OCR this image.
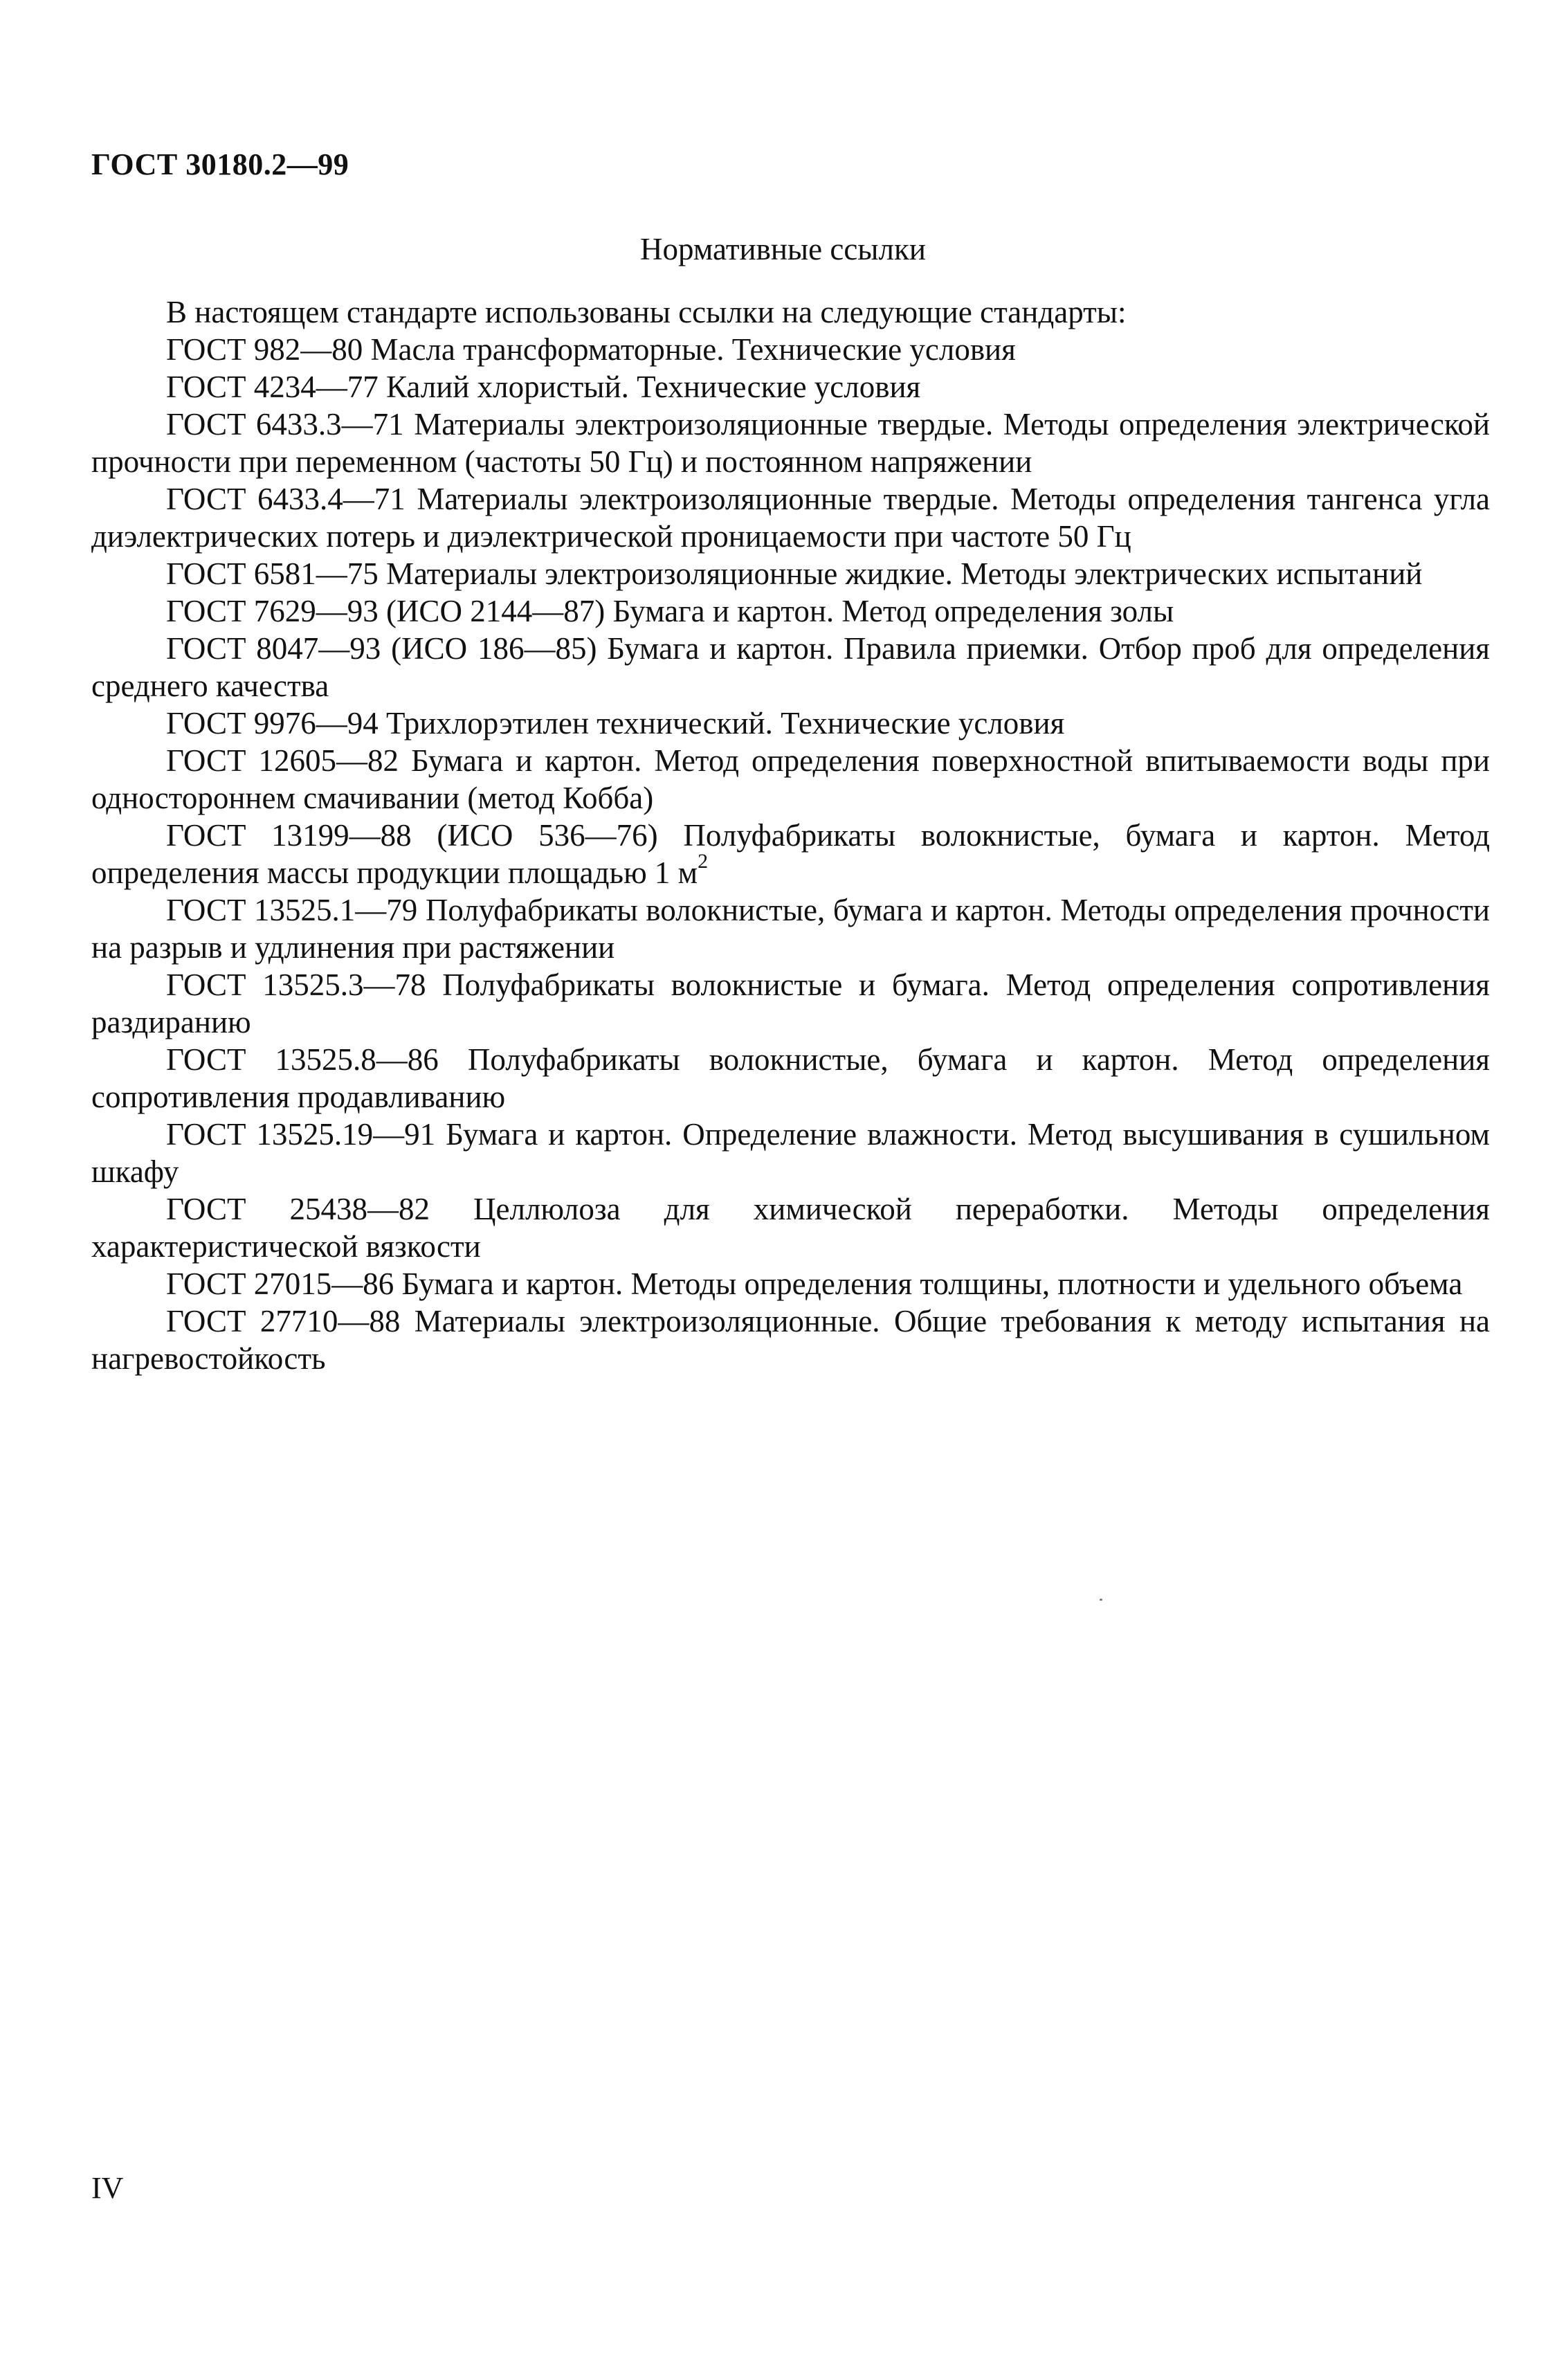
ГОСТ 30180.2—99
Нормативные ссылки

В настоящем стандарте использованы ссылки на следующие стандарты:

ГОСТ 982—80 Масла трансформаторные. Технические условия

ГОСТ 4234—77 Калий хлористый. Технические условия

ГОСТ 6433.3—71 Материалы электроизоляционные твердые. Методы определения электрической прочности при переменном (частоты 50 Гц) и постоянном напряжении

ГОСТ 6433.4—71 Материалы электроизоляционные твердые. Методы определения тангенса угла диэлектрических потерь и диэлектрической проницаемости при частоте 50 Гц

ГОСТ 6581—75 Материалы электроизоляционные жидкие. Методы электрических испытаний

ГОСТ 7629—93 (ИСО 2144—87) Бумага и картон. Метод определения золы

ГОСТ 8047—93 (ИСО 186—85) Бумага и картон. Правила приемки. Отбор проб для определения среднего качества

ГОСТ 9976—94 Трихлорэтилен технический. Технические условия

ГОСТ 12605—82 Бумага и картон. Метод определения поверхностной впитываемости воды при одностороннем смачивании (метод Кобба)

ГОСТ 13199—88 (ИСО 536—76) Полуфабрикаты волокнистые, бумага и картон. Метод определения массы продукции площадью 1 $м^2$

ГОСТ 13525.1—79 Полуфабрикаты волокнистые, бумага и картон. Методы определения прочности на разрыв и удлинения при растяжении

ГОСТ 13525.3—78 Полуфабрикаты волокнистые и бумага. Метод определения сопротивления раздиранию

ГОСТ 13525.8—86 Полуфабрикаты волокнистые, бумага и картон. Метод определения сопротивления продавливанию

ГОСТ 13525.19—91 Бумага и картон. Определение влажности. Метод высушивания в сушильном шкафу

ГОСТ 25438—82 Целлюлоза для химической переработки. Методы определения характеристической вязкости

ГОСТ 27015—86 Бумага и картон. Методы определения толщины, плотности и удельного объема

ГОСТ 27710—88 Материалы электроизоляционные. Общие требования к методу испытания на нагревостойкость

IV
